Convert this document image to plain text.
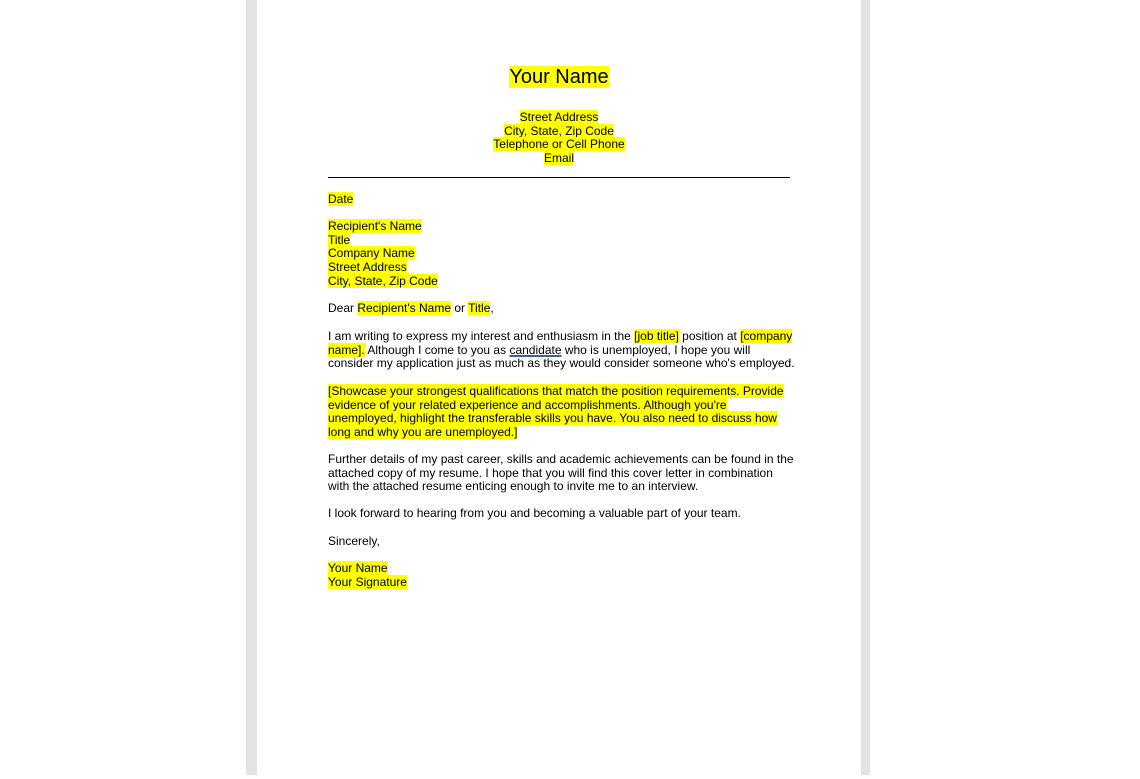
Your Name
Street Address
City, State, Zip Code
Telephone or Cell Phone
Email
Date
Recipient's Name
Title
Company Name
Street Address
City, State, Zip Code
Dear Recipient's Name or Title,
I am writing to express my interest and enthusiasm in the [job title] position at [company
name]. Although I come to you as candidate who is unemployed, I hope you will
consider my application just as much as they would consider someone who's employed.
[Showcase your strongest qualifications that match the position requirements. Provide
evidence of your related experience and accomplishments. Although you're
unemployed, highlight the transferable skills you have. You also need to discuss how
long and why you are unemployed.]
Further details of my past career, skills and academic achievements can be found in the
attached copy of my resume. I hope that you will find this cover letter in combination
with the attached resume enticing enough to invite me to an interview.
I look forward to hearing from you and becoming a valuable part of your team.
Sincerely,
Your Name
Your Signature
